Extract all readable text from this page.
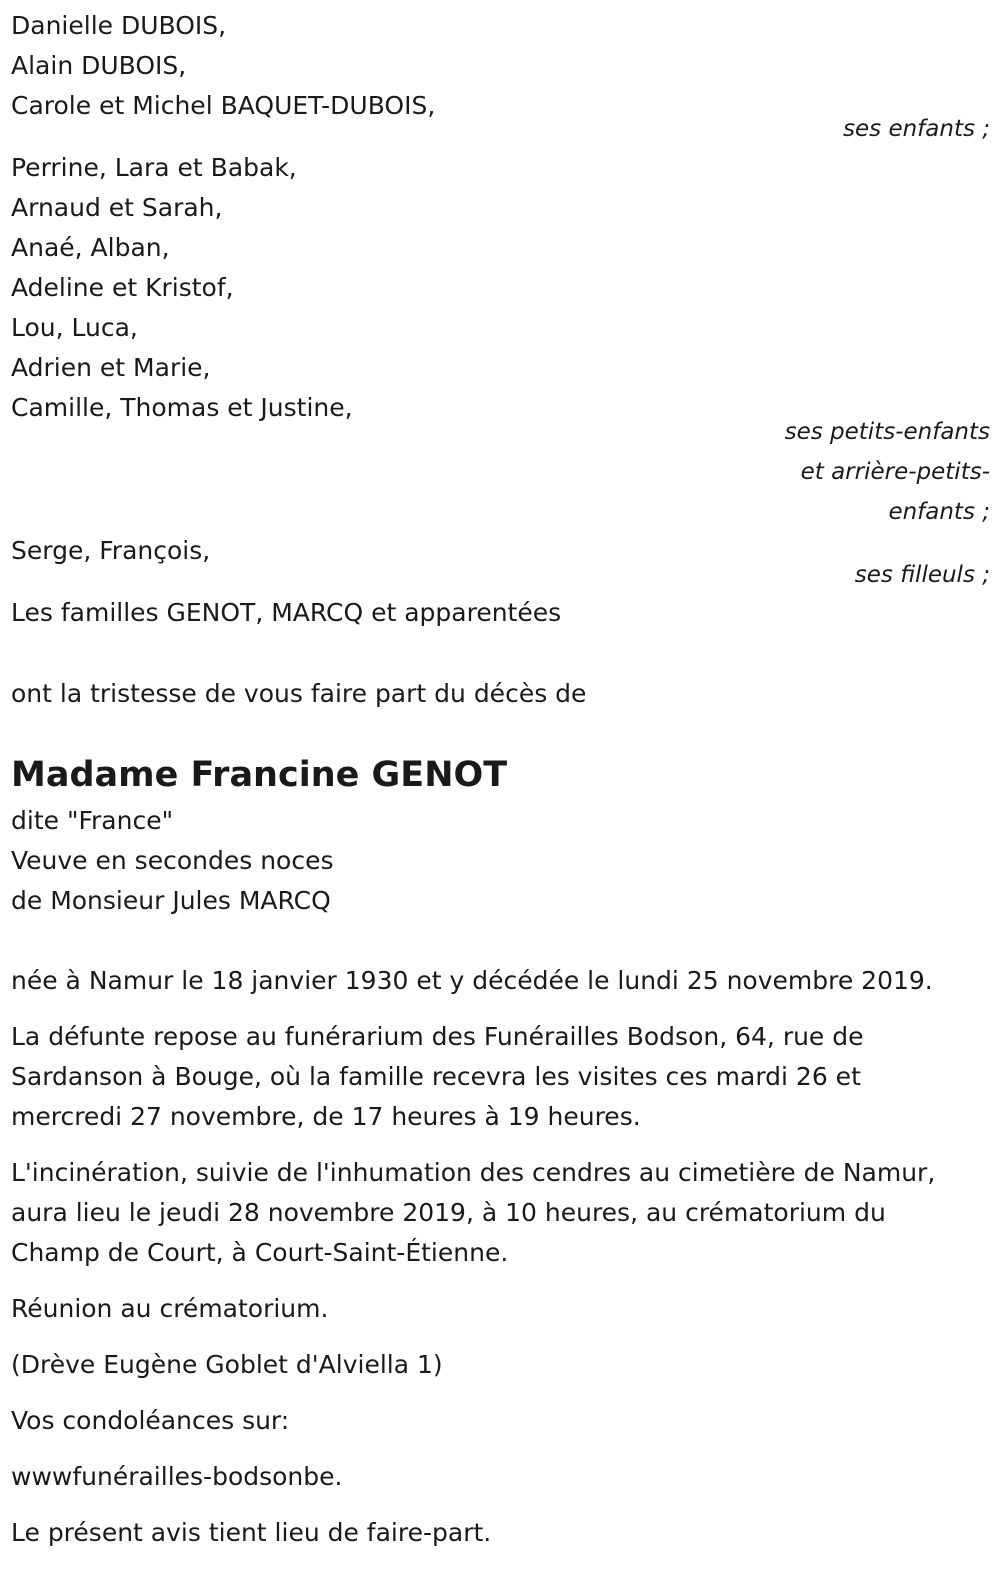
Danielle DUBOIS,

Alain DUBOIS,

Carole et Michel BAQUET-DUBOIS,

ses enfants ;

Perrine, Lara et Babak,

Arnaud et Sarah,

Anaé, Alban,

Adeline et Kristof,

Lou, Luca,

Adrien et Marie,

Camille, Thomas et Justine,

ses petits-enfants

et arrière-petits-

enfants ;

Serge, François,

ses filleuls ;

Les familles GENOT, MARCQ et apparentées

ont la tristesse de vous faire part du décès de

Madame Francine GENOT

dite "France"

Veuve en secondes noces

de Monsieur Jules MARCQ

née à Namur le 18 janvier 1930 et y décédée le lundi 25 novembre 2019.

La défunte repose au funérarium des Funérailles Bodson, 64, rue de

Sardanson à Bouge, où la famille recevra les visites ces mardi 26 et

mercredi 27 novembre, de 17 heures à 19 heures.

L'incinération, suivie de l'inhumation des cendres au cimetière de Namur,

aura lieu le jeudi 28 novembre 2019, à 10 heures, au crématorium du

Champ de Court, à Court-Saint-Étienne.

Réunion au crématorium.

(Drève Eugène Goblet d'Alviella 1)

Vos condoléances sur:

wwwfunérailles-bodsonbe.

Le présent avis tient lieu de faire-part.
